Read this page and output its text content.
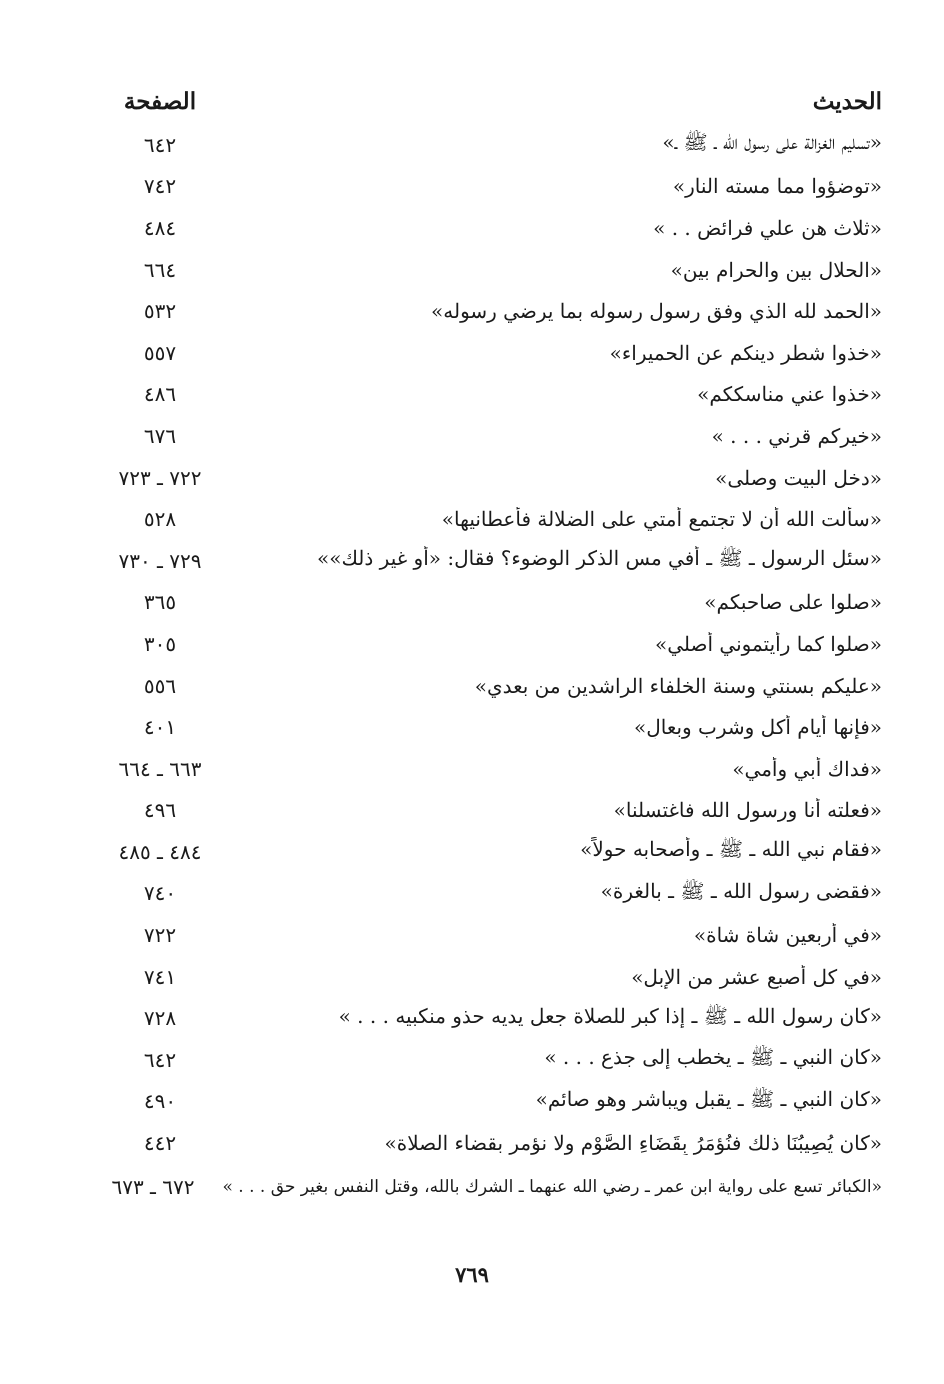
الحديث
الصفحة
«تسليم الغزالة على رسول الله ـ ﷺ ـ»
٦٤٢
«توضؤوا مما مسته النار»
٧٤٢
«ثلاث هن علي فرائض . . »
٤٨٤
«الحلال بين والحرام بين»
٦٦٤
«الحمد لله الذي وفق رسول رسوله بما يرضي رسوله»
٥٣٢
«خذوا شطر دينكم عن الحميراء»
٥٥٧
«خذوا عني مناسككم»
٤٨٦
«خيركم قرني . . . »
٦٧٦
«دخل البيت وصلى»
٧٢٢ ـ ٧٢٣
«سألت الله أن لا تجتمع أمتي على الضلالة فأعطانيها»
٥٢٨
«سئل الرسول ـ ﷺ ـ أفي مس الذكر الوضوء؟ فقال: «أو غير ذلك»»
٧٢٩ ـ ٧٣٠
«صلوا على صاحبكم»
٣٦٥
«صلوا كما رأيتموني أصلي»
٣٠٥
«عليكم بسنتي وسنة الخلفاء الراشدين من بعدي»
٥٥٦
«فإنها أيام أكل وشرب وبعالٍ»
٤٠١
«فداك أبي وأمي»
٦٦٣ ـ ٦٦٤
«فعلته أنا ورسول الله فاغتسلنا»
٤٩٦
«فقام نبي الله ـ ﷺ ـ وأصحابه حولاً»
٤٨٤ ـ ٤٨٥
«فقضى رسول الله ـ ﷺ ـ بالغرة»
٧٤٠
«في أربعين شاة شاة»
٧٢٢
«في كل أصبع عشر من الإبل»
٧٤١
«كان رسول الله ـ ﷺ ـ إذا كبر للصلاة جعل يديه حذو منكبيه . . . »
٧٢٨
«كان النبي ـ ﷺ ـ يخطب إلى جذع . . . »
٦٤٢
«كان النبي ـ ﷺ ـ يقبل ويباشر وهو صائم»
٤٩٠
«كان يُصِيبُنَا ذلك فنُؤمَرُ بِقَضَاءِ الصَّوْمِ ولا نؤمر بقضاء الصلاة»
٤٤٢
«الكبائر تسع على رواية ابن عمر ـ رضي الله عنهما ـ الشرك بالله، وقتل النفس بغير حق . . . »
٦٧٢ ـ ٦٧٣
٧٦٩
